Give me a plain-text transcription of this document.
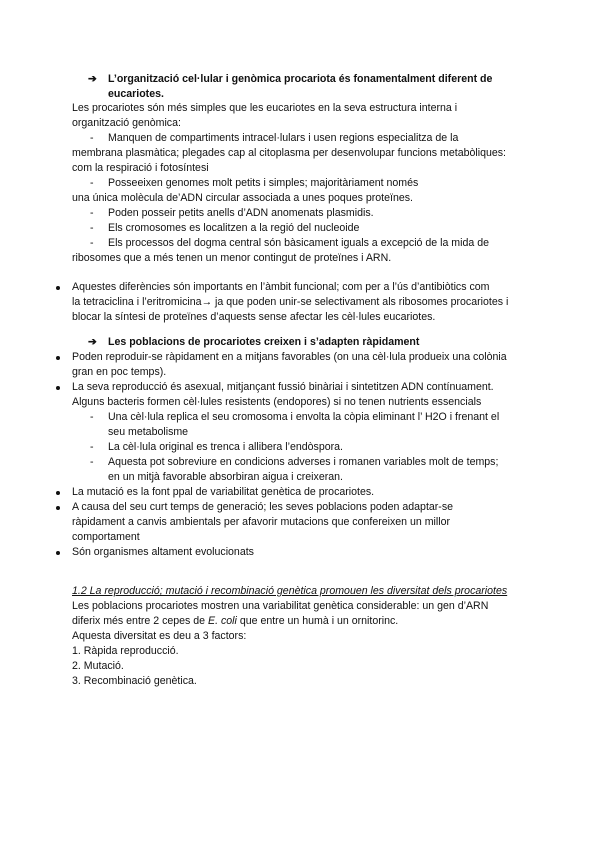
➔ L’organització cel·lular i genòmica procariota és fonamentalment diferent de
eucariotes.
Les procariotes són més simples que les eucariotes en la seva estructura interna i
organització genòmica:
- Manquen de compartiments intracel·lulars i usen regions especialitza de la
membrana plasmàtica; plegades cap al citoplasma per desenvolupar funcions metabòliques:
com la respiració i fotosíntesi
- Posseeixen genomes molt petits i simples; majoritàriament només
una única molècula de’ADN circular associada a unes poques proteïnes.
- Poden posseir petits anells d’ADN anomenats plasmidis.
- Els cromosomes es localitzen a la regió del nucleoide
- Els processos del dogma central són bàsicament iguals a excepció de la mida de
ribosomes que a més tenen un menor contingut de proteïnes i ARN.
Aquestes diferències són importants en l’àmbit funcional; com per a l’ús d’antibiòtics com
la tetraciclina i l’eritromicina→ ja que poden unir-se selectivament als ribosomes procariotes i
blocar la síntesi de proteïnes d’aquests sense afectar les cèl·lules eucariotes.
➔ Les poblacions de procariotes creixen i s’adapten ràpidament
Poden reproduir-se ràpidament en a mitjans favorables (on una cèl·lula produeix una colònia
gran en poc temps).
La seva reproducció és asexual, mitjançant fussió binàriai i sintetitzen ADN contínuament.
Alguns bacteris formen cèl·lules resistents (endopores) si no tenen nutrients essencials
- Una cèl·lula replica el seu cromosoma i envolta la còpia eliminant l’ H2O i frenant el
seu metabolisme
- La cèl·lula original es trenca i allibera l’endòspora.
- Aquesta pot sobreviure en condicions adverses i romanen variables molt de temps;
en un mitjà favorable absorbiran aigua i creixeran.
La mutació es la font ppal de variabilitat genètica de procariotes.
A causa del seu curt temps de generació; les seves poblacions poden adaptar-se
ràpidament a canvis ambientals per afavorir mutacions que confereixen un millor
comportament
Són organismes altament evolucionats
1.2 La reproducció; mutació i recombinació genètica promouen les diversitat dels procariotes
Les poblacions procariotes mostren una variabilitat genètica considerable: un gen d’ARN
diferix més entre 2 cepes de E. coli que entre un humà i un ornitorinc.
Aquesta diversitat es deu a 3 factors:
1. Ràpida reproducció.
2. Mutació.
3. Recombinació genètica.
